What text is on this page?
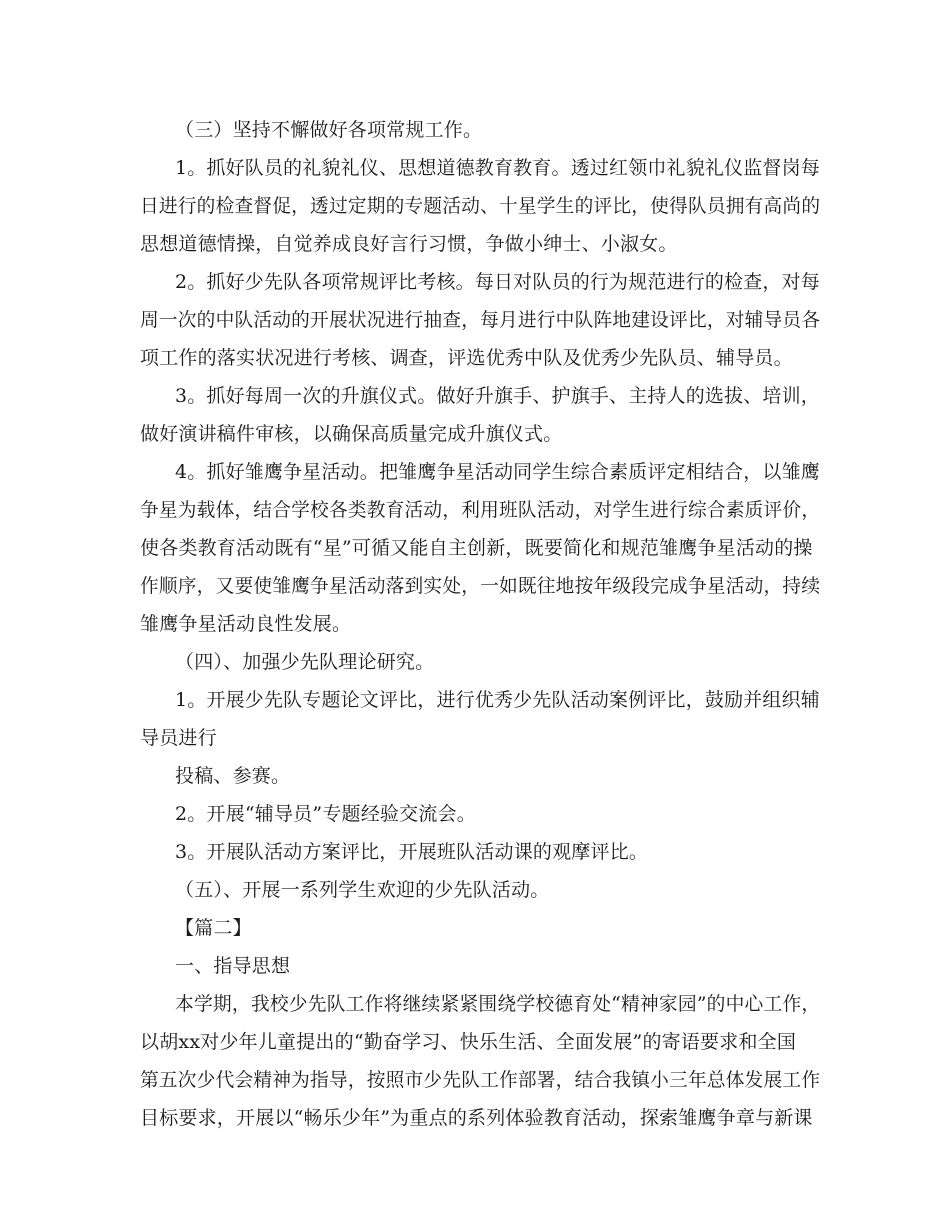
（三）坚持不懈做好各项常规工作。
1。抓好队员的礼貌礼仪、思想道德教育教育。透过红领巾礼貌礼仪监督岗每
日进行的检查督促，透过定期的专题活动、十星学生的评比，使得队员拥有高尚的
思想道德情操，自觉养成良好言行习惯，争做小绅士、小淑女。
2。抓好少先队各项常规评比考核。每日对队员的行为规范进行的检查，对每
周一次的中队活动的开展状况进行抽查，每月进行中队阵地建设评比，对辅导员各
项工作的落实状况进行考核、调查，评选优秀中队及优秀少先队员、辅导员。
3。抓好每周一次的升旗仪式。做好升旗手、护旗手、主持人的选拔、培训，
做好演讲稿件审核，以确保高质量完成升旗仪式。
4。抓好雏鹰争星活动。把雏鹰争星活动同学生综合素质评定相结合，以雏鹰
争星为载体，结合学校各类教育活动，利用班队活动，对学生进行综合素质评价，
使各类教育活动既有“星”可循又能自主创新，既要简化和规范雏鹰争星活动的操
作顺序，又要使雏鹰争星活动落到实处，一如既往地按年级段完成争星活动，持续
雏鹰争星活动良性发展。
（四）、加强少先队理论研究。
1。开展少先队专题论文评比，进行优秀少先队活动案例评比，鼓励并组织辅
导员进行
投稿、参赛。
2。开展“辅导员”专题经验交流会。
3。开展队活动方案评比，开展班队活动课的观摩评比。
（五）、开展一系列学生欢迎的少先队活动。
【篇二】
一、指导思想
本学期，我校少先队工作将继续紧紧围绕学校德育处“精神家园”的中心工作，
以胡xx对少年儿童提出的“勤奋学习、快乐生活、全面发展”的寄语要求和全国
第五次少代会精神为指导，按照市少先队工作部署，结合我镇小三年总体发展工作
目标要求，开展以“畅乐少年”为重点的系列体验教育活动，探索雏鹰争章与新课
